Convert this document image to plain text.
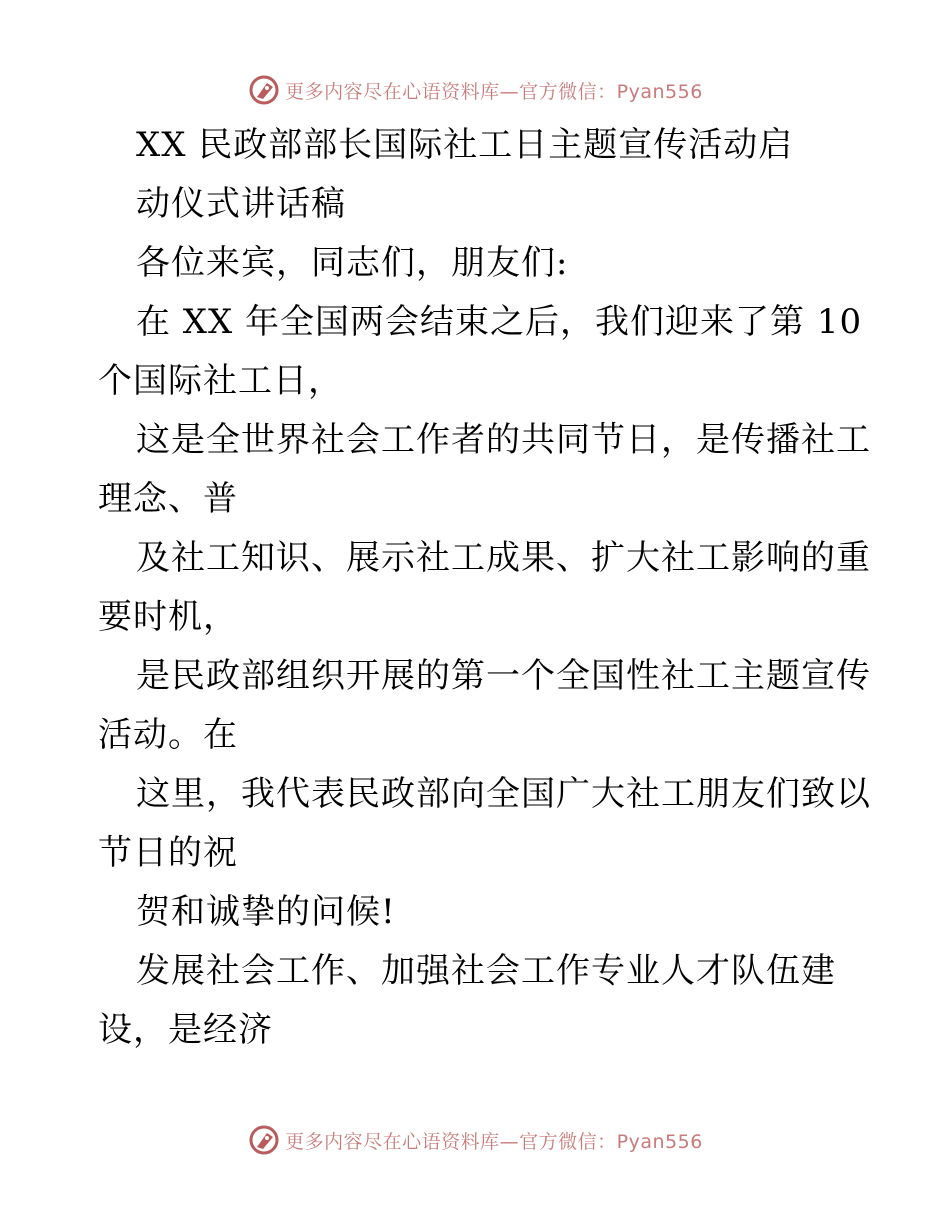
更多内容尽在心语资料库—官方微信：Pyan556
XX 民政部部长国际社工日主题宣传活动启
动仪式讲话稿
各位来宾，同志们，朋友们:
在 XX 年全国两会结束之后，我们迎来了第 10
个国际社工日，
这是全世界社会工作者的共同节日，是传播社工
理念、普
及社工知识、展示社工成果、扩大社工影响的重
要时机，
是民政部组织开展的第一个全国性社工主题宣传
活动。在
这里，我代表民政部向全国广大社工朋友们致以
节日的祝
贺和诚挚的问候!
发展社会工作、加强社会工作专业人才队伍建
设，是经济
更多内容尽在心语资料库—官方微信：Pyan556
